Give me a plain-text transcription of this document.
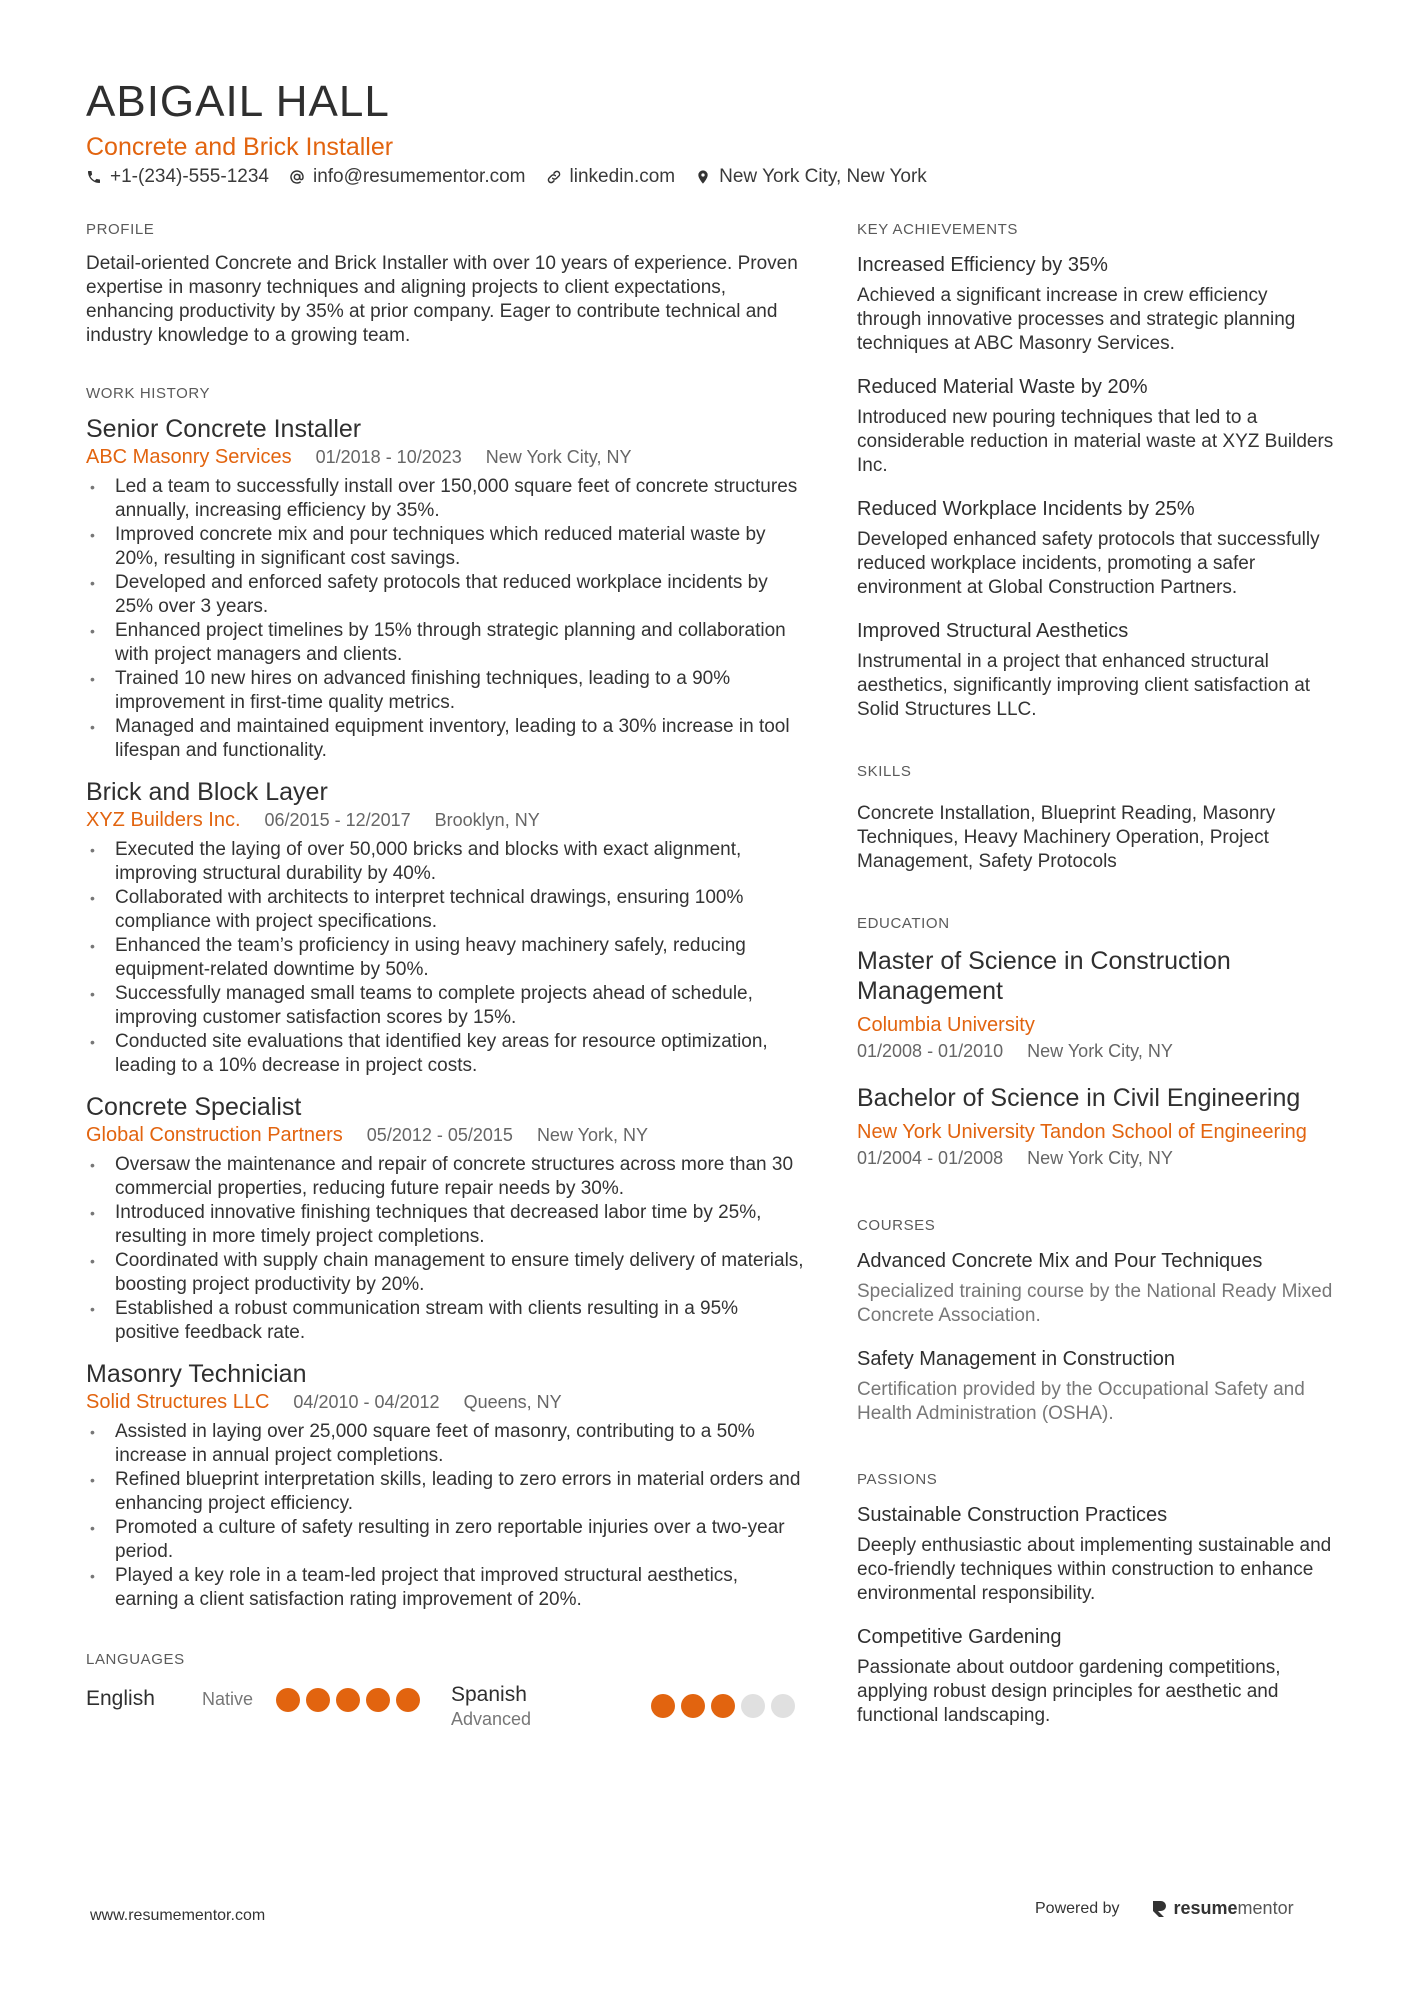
ABIGAIL HALL
Concrete and Brick Installer
+1-(234)-555-1234 info@resumementor.com linkedin.com New York City, New York
PROFILE

Detail-oriented Concrete and Brick Installer with over 10 years of experience. Proven expertise in masonry techniques and aligning projects to client expectations, enhancing productivity by 35% at prior company. Eager to contribute technical and industry knowledge to a growing team.

WORK HISTORY
Senior Concrete Installer
ABC Masonry Services 01/2018 - 10/2023 New York City, NY
• Led a team to successfully install over 150,000 square feet of concrete structures annually, increasing efficiency by 35%.
• Improved concrete mix and pour techniques which reduced material waste by 20%, resulting in significant cost savings.
• Developed and enforced safety protocols that reduced workplace incidents by 25% over 3 years.
• Enhanced project timelines by 15% through strategic planning and collaboration with project managers and clients.
• Trained 10 new hires on advanced finishing techniques, leading to a 90% improvement in first-time quality metrics.
• Managed and maintained equipment inventory, leading to a 30% increase in tool lifespan and functionality.
Brick and Block Layer
XYZ Builders Inc. 06/2015 - 12/2017 Brooklyn, NY
• Executed the laying of over 50,000 bricks and blocks with exact alignment, improving structural durability by 40%.
• Collaborated with architects to interpret technical drawings, ensuring 100% compliance with project specifications.
• Enhanced the team’s proficiency in using heavy machinery safely, reducing equipment-related downtime by 50%.
• Successfully managed small teams to complete projects ahead of schedule, improving customer satisfaction scores by 15%.
• Conducted site evaluations that identified key areas for resource optimization, leading to a 10% decrease in project costs.
Concrete Specialist
Global Construction Partners 05/2012 - 05/2015 New York, NY
• Oversaw the maintenance and repair of concrete structures across more than 30 commercial properties, reducing future repair needs by 30%.
• Introduced innovative finishing techniques that decreased labor time by 25%, resulting in more timely project completions.
• Coordinated with supply chain management to ensure timely delivery of materials, boosting project productivity by 20%.
• Established a robust communication stream with clients resulting in a 95% positive feedback rate.
Masonry Technician
Solid Structures LLC 04/2010 - 04/2012 Queens, NY
• Assisted in laying over 25,000 square feet of masonry, contributing to a 50% increase in annual project completions.
• Refined blueprint interpretation skills, leading to zero errors in material orders and enhancing project efficiency.
• Promoted a culture of safety resulting in zero reportable injuries over a two-year period.
• Played a key role in a team-led project that improved structural aesthetics, earning a client satisfaction rating improvement of 20%.
LANGUAGES
English	Native	Spanish
Advanced
KEY ACHIEVEMENTS
Increased Efficiency by 35%
Achieved a significant increase in crew efficiency through innovative processes and strategic planning techniques at ABC Masonry Services.
Reduced Material Waste by 20%
Introduced new pouring techniques that led to a considerable reduction in material waste at XYZ Builders Inc.
Reduced Workplace Incidents by 25%
Developed enhanced safety protocols that successfully reduced workplace incidents, promoting a safer environment at Global Construction Partners.
Improved Structural Aesthetics
Instrumental in a project that enhanced structural aesthetics, significantly improving client satisfaction at Solid Structures LLC.
SKILLS

Concrete Installation, Blueprint Reading, Masonry Techniques, Heavy Machinery Operation, Project Management, Safety Protocols

EDUCATION
Master of Science in Construction Management
Columbia University
01/2008 - 01/2010 New York City, NY
Bachelor of Science in Civil Engineering
New York University Tandon School of Engineering
01/2004 - 01/2008 New York City, NY
COURSES
Advanced Concrete Mix and Pour Techniques
Specialized training course by the National Ready Mixed Concrete Association.
Safety Management in Construction
Certification provided by the Occupational Safety and Health Administration (OSHA).
PASSIONS
Sustainable Construction Practices
Deeply enthusiastic about implementing sustainable and eco-friendly techniques within construction to enhance environmental responsibility.
Competitive Gardening
Passionate about outdoor gardening competitions, applying robust design principles for aesthetic and functional landscaping.
www.resumementor.com	Powered by	resume mentor
